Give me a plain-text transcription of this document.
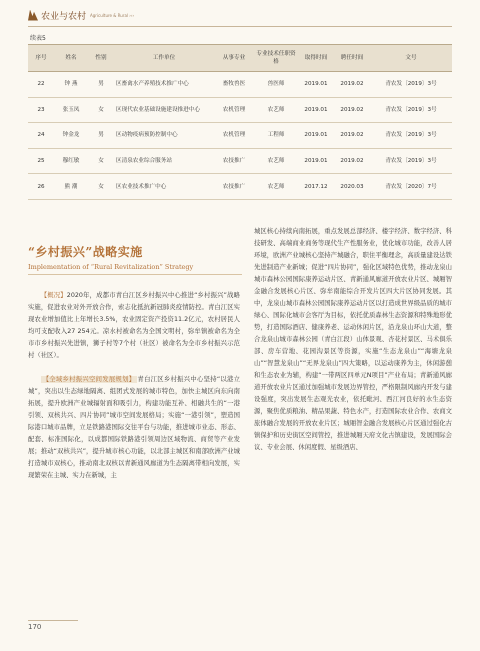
农业与农村 Agriculture & Rural ›››
续表5
序号	姓名	性别	工作单位	从事专业	专业技术任职资格	取得时间	聘任时间	文号
22	钟 燕	男	区畜禽水产养殖技术推广中心	畜牧兽医	兽医师	2019.01	2019.02	青农发〔2019〕3号
23	张玉凤	女	区现代农业基础设施建设推进中心	农机管理	农艺师	2019.01	2019.02	青农发〔2019〕3号
24	钟金龙	男	区动物疫病预防控制中心	农机管理	工程师	2019.01	2019.02	青农发〔2019〕3号
25	穆红敏	女	区清泉农业综合服务站	农技推广	农艺师	2019.01	2019.02	青农发〔2019〕3号
26	熊 潮	女	区农业技术推广中心	农技推广	农艺师	2017.12	2020.03	青农发〔2020〕7号
“乡村振兴”战略实施
Implementation of “Rural Revitalization” Strategy

【概况】2020年，成都市青白江区乡村振兴中心推进“乡村振兴”战略实施，促进农业对外开放合作，索志化抵抗新冠肺炎疫情防控。青白江区实现农业增加值比上年增长3.5%，农业固定资产投资11.2亿元，农村居民人均可支配收入27 254元。凉水村被命名为全国文明村，弥牟镇被命名为全市市乡村振兴先进镇，狮子村等7个村（社区）被命名为全市乡村振兴示范村（社区）。

【全域乡村振兴空间发展规划】 青白江区乡村振兴中心坚持“以港立城”，突出以生态绿地隔离、组团式发展的城市特色，加快主城区向东向南拓展，提升欧洲产业城辐射面和吸引力，构建功能互补、相融共生的“一港引领、双核共兴、四片协同”城市空间发展格局；实施“一港引领”，塑造国际港口城市品牌，立足铁路港国际交往平台与功能，推进城市业态、形态、配套、标准国际化，以成都国际铁路港引领周边区域物流、商贸等产业发展；推动“双核共兴”，提升城市核心功能，以北部主城区和南部欧洲产业城打造城市双核心，推动南北双核以青新通风廊道为生态隔离带相向发展，实现繁荣在主城、实力在新城，主

城区核心持续向南拓展，重点发展总部经济、楼宇经济、数字经济、科技研发、高端商业商务等现代生产性服务业，优化城市功能，改善人居环境，欧洲产业城核心坚持产城融合，职住平衡理念，高质量建设达铁先进制造产业新城；促进“四片协同”，强化区域特色优势，推动龙泉山城市森林公园国际康养运动片区、青新通风廊道开放农业片区、城厢智金融合发展核心片区、弥牟南能综合开发片区四大片区协同发展。其中，龙泉山城市森林公园国际康养运动片区以打造成世界级品质的城市绿心、国际化城市会客厅为目标，依托优质森林生态资源和特殊地形优势，打造国际酒店、健康养老、运动休闲片区，沿龙泉山环山大道，整合龙泉山城市森林公园（青白江段）山体景观、杏花村景区、马术俱乐部、房车营地、花园沟景区等资源，实施“生态龙泉山”“海塘龙泉山”“智慧龙泉山”“无界龙泉山”四大策略，以运动康养为主，休闲游憩和生态农业为辅，构建“一带两区四单元N项目”产业布局；青新通风廊道开放农业片区通过加强城市发展边界管控，严格限制风廊内开发与建设强度，突出发展生态观光农业，依托毗河、西江河良好的水生态资源，聚焦优质粮油、精品果蔬、特色水产，打造国际农业合作、农商文旅体融合发展的开放农业片区；城厢智金融合发展核心片区通过强化古镇保护和历史街区空间管控，推进城厢天府文化古镇建设，发展国际会议、专业会展、休闲度假、星级酒店、

170
